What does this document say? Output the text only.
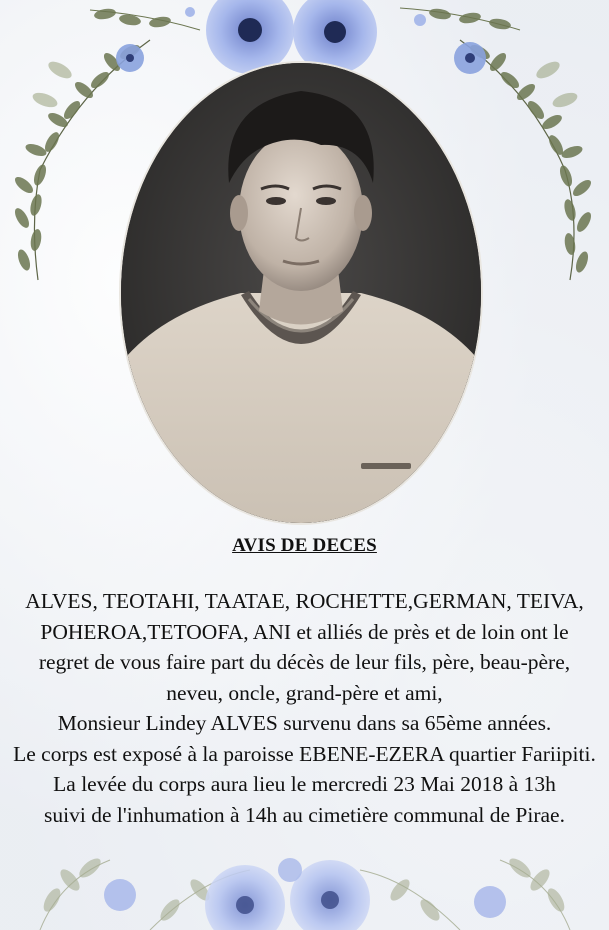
AVIS DE DECES
ALVES, TEOTAHI, TAATAE, ROCHETTE,GERMAN, TEIVA,
POHEROA,TETOOFA, ANI et alliés de près et de loin ont le
regret de vous faire part du décès de leur fils, père, beau-père,
neveu, oncle, grand-père et ami,
Monsieur Lindey ALVES survenu dans sa 65ème années.
Le corps est exposé à la paroisse EBENE-EZERA quartier Fariipiti.
La levée du corps aura lieu le mercredi 23 Mai 2018 à 13h
suivi de l'inhumation à 14h au cimetière communal de Pirae.
